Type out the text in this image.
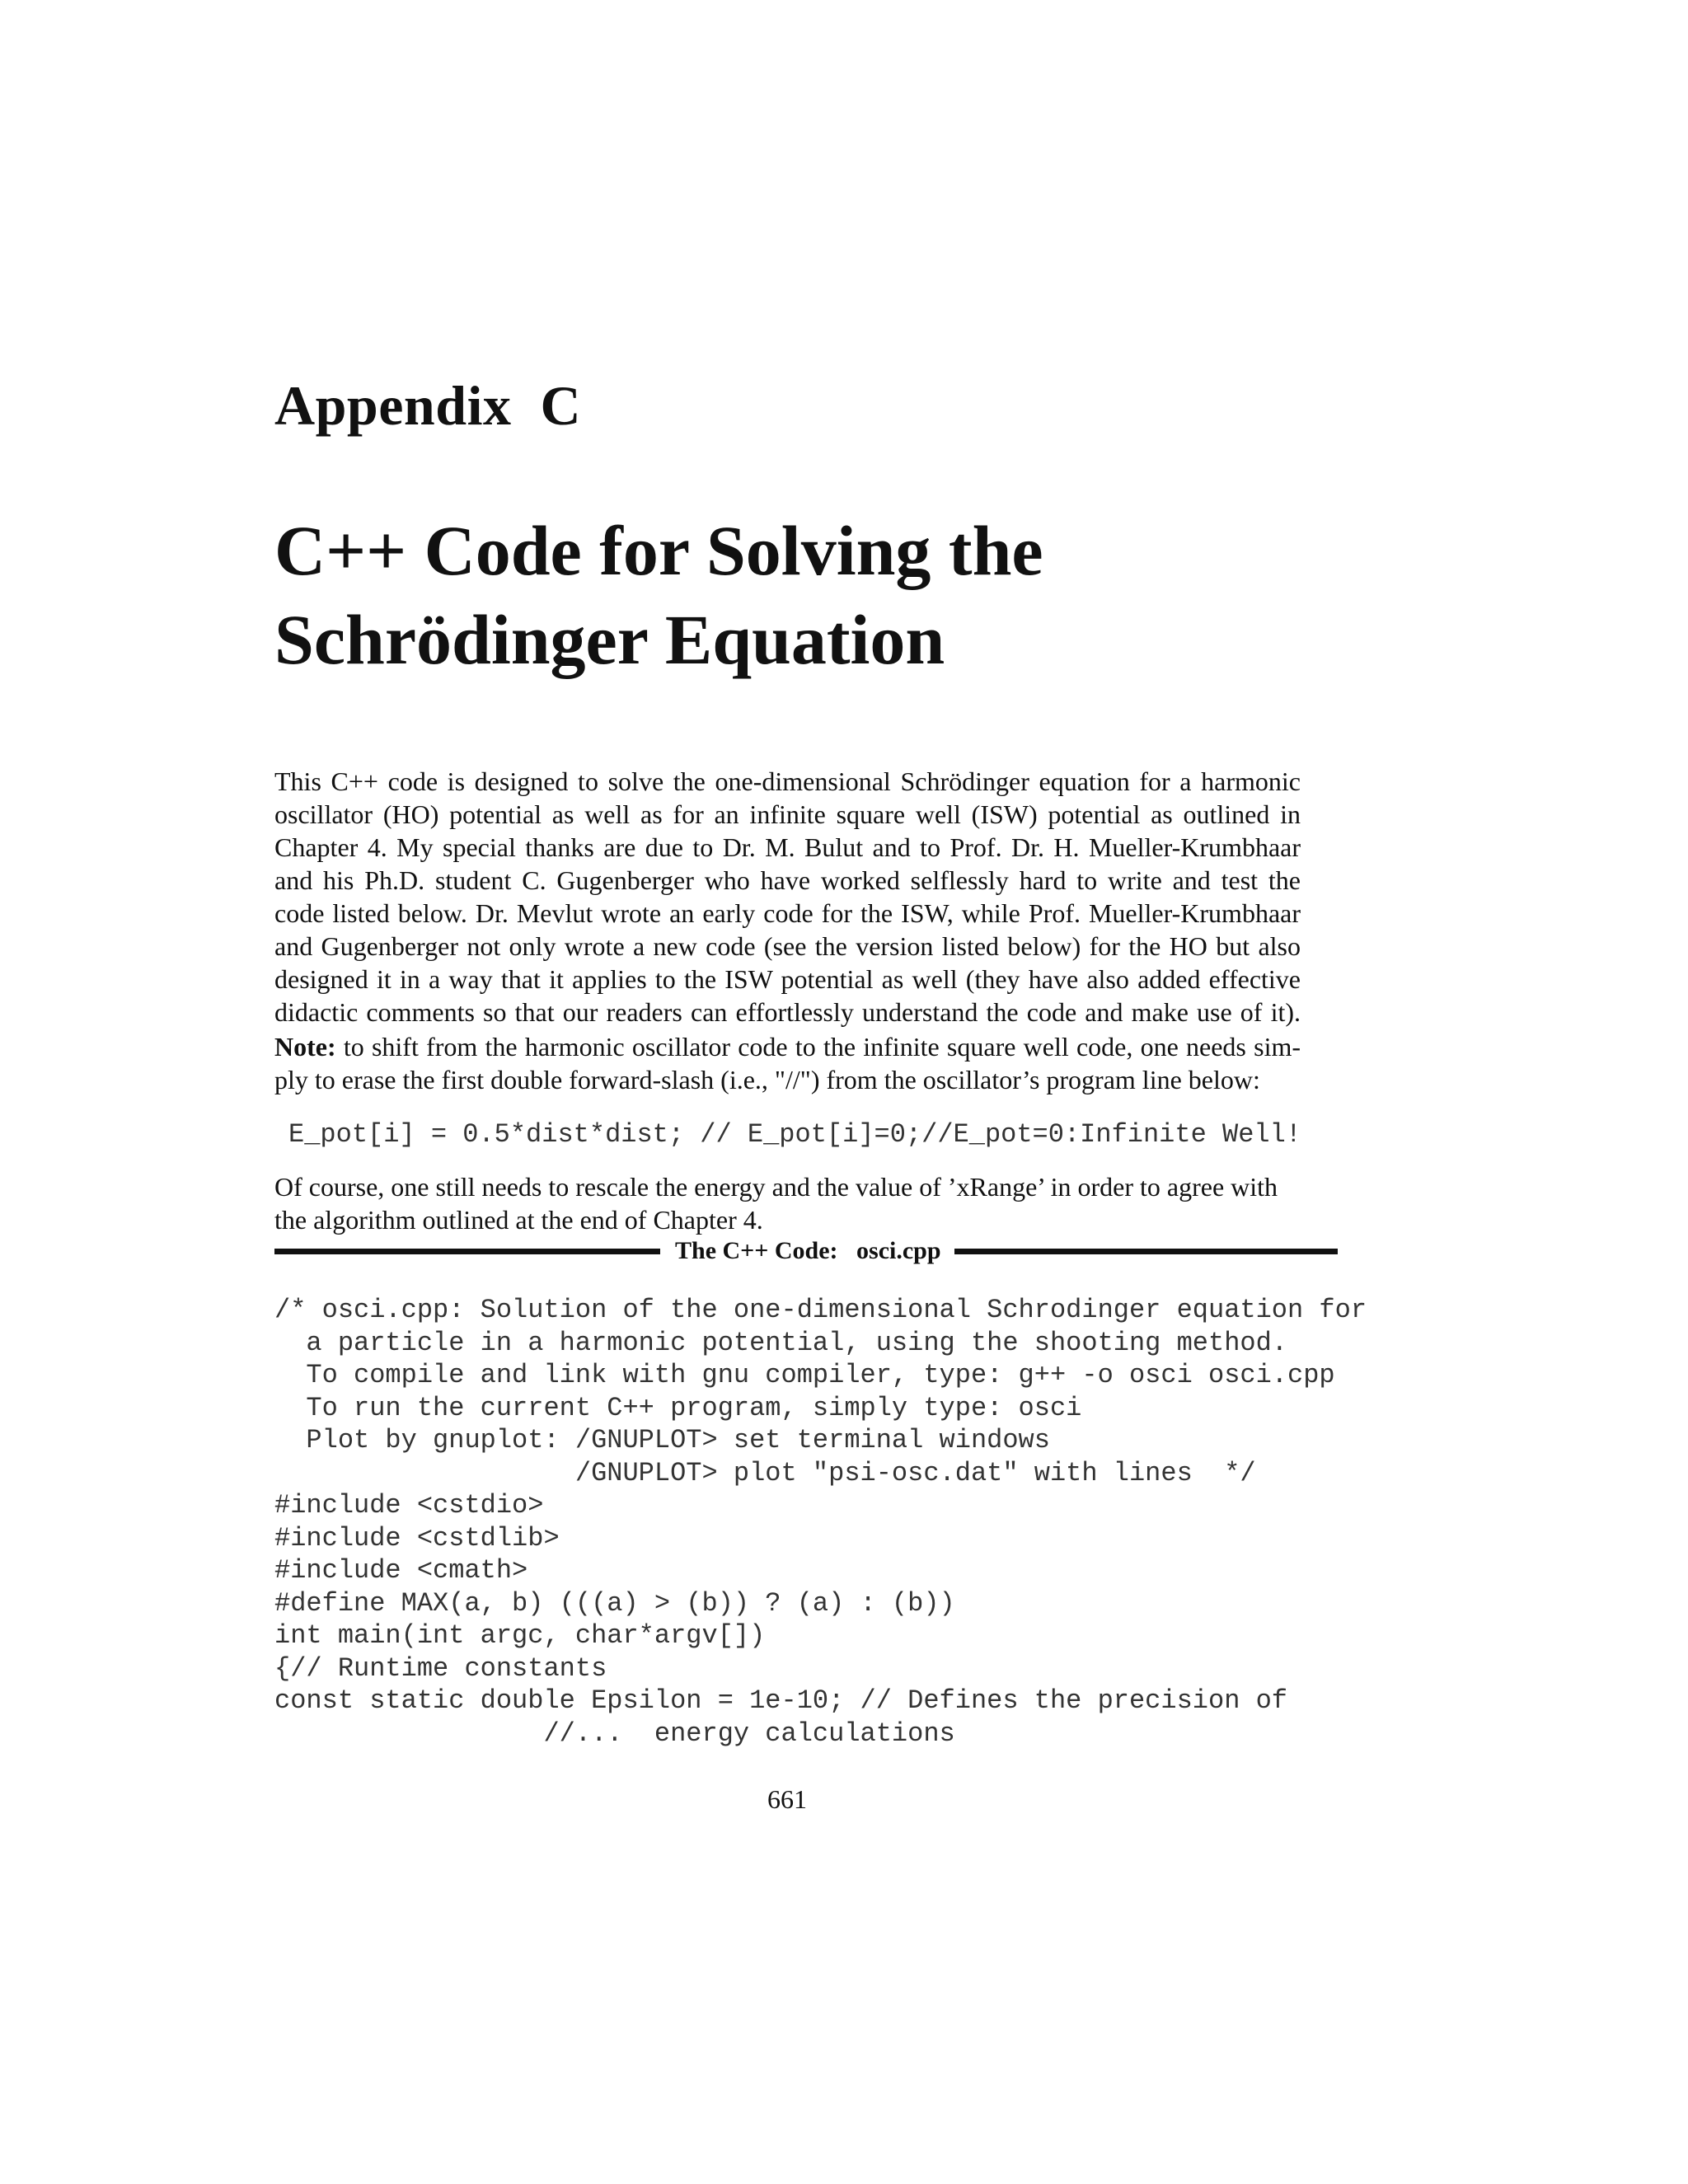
Appendix  C
C++ Code for Solving the
Schrödinger Equation

This C++ code is designed to solve the one-dimensional Schrödinger equation for a harmonic
oscillator (HO) potential as well as for an infinite square well (ISW) potential as outlined in
Chapter 4. My special thanks are due to Dr. M. Bulut and to Prof. Dr. H. Mueller-Krumbhaar
and his Ph.D. student C. Gugenberger who have worked selflessly hard to write and test the
code listed below. Dr. Mevlut wrote an early code for the ISW, while Prof. Mueller-Krumbhaar
and Gugenberger not only wrote a new code (see the version listed below) for the HO but also
designed it in a way that it applies to the ISW potential as well (they have also added effective
didactic comments so that our readers can effortlessly understand the code and make use of it).

Note: to shift from the harmonic oscillator code to the infinite square well code, one needs sim-
ply to erase the first double forward-slash (i.e., "//") from the oscillator’s program line below:

E_pot[i] = 0.5*dist*dist; // E_pot[i]=0;//E_pot=0:Infinite Well!

Of course, one still needs to rescale the energy and the value of ’xRange’ in order to agree with
the algorithm outlined at the end of Chapter 4.

The C++ Code:   osci.cpp
/* osci.cpp: Solution of the one-dimensional Schrodinger equation for
a particle in a harmonic potential, using the shooting method.
To compile and link with gnu compiler, type: g++ -o osci osci.cpp
To run the current C++ program, simply type: osci
Plot by gnuplot: /GNUPLOT> set terminal windows
/GNUPLOT> plot "psi-osc.dat" with lines  */
#include <cstdio>
#include <cstdlib>
#include <cmath>
#define MAX(a, b) (((a) > (b)) ? (a) : (b))
int main(int argc, char*argv[])
{// Runtime constants
const static double Epsilon = 1e-10; // Defines the precision of
//...  energy calculations
661
